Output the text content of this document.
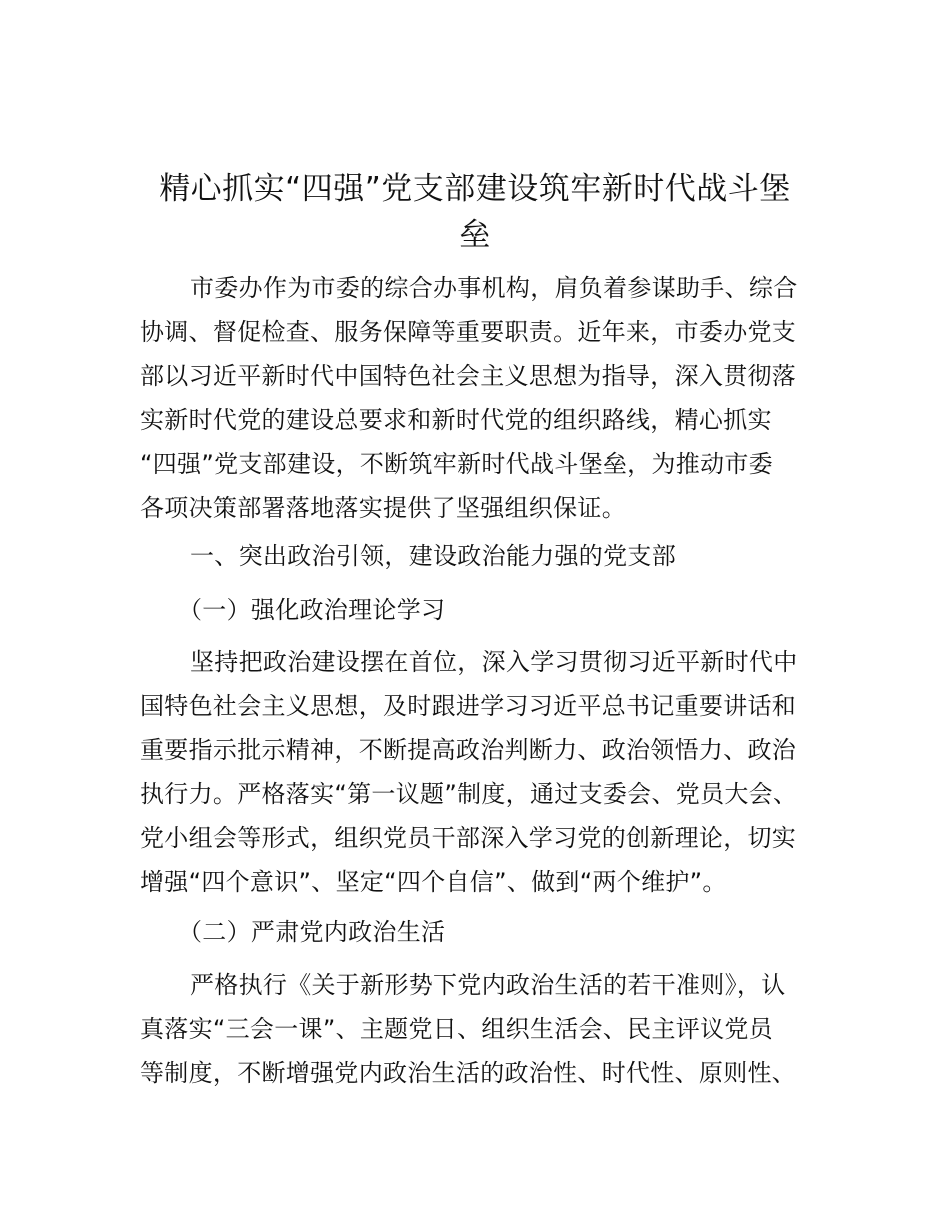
精心抓实“四强”党支部建设筑牢新时代战斗堡
垒
市委办作为市委的综合办事机构，肩负着参谋助手、综合
协调、督促检查、服务保障等重要职责。近年来，市委办党支
部以习近平新时代中国特色社会主义思想为指导，深入贯彻落
实新时代党的建设总要求和新时代党的组织路线，精心抓实
“四强”党支部建设，不断筑牢新时代战斗堡垒，为推动市委
各项决策部署落地落实提供了坚强组织保证。
一、突出政治引领，建设政治能力强的党支部
（一）强化政治理论学习
坚持把政治建设摆在首位，深入学习贯彻习近平新时代中
国特色社会主义思想，及时跟进学习习近平总书记重要讲话和
重要指示批示精神，不断提高政治判断力、政治领悟力、政治
执行力。严格落实“第一议题”制度，通过支委会、党员大会、
党小组会等形式，组织党员干部深入学习党的创新理论，切实
增强“四个意识”、坚定“四个自信”、做到“两个维护”。
（二）严肃党内政治生活
严格执行《关于新形势下党内政治生活的若干准则》，认
真落实“三会一课”、主题党日、组织生活会、民主评议党员
等制度，不断增强党内政治生活的政治性、时代性、原则性、
